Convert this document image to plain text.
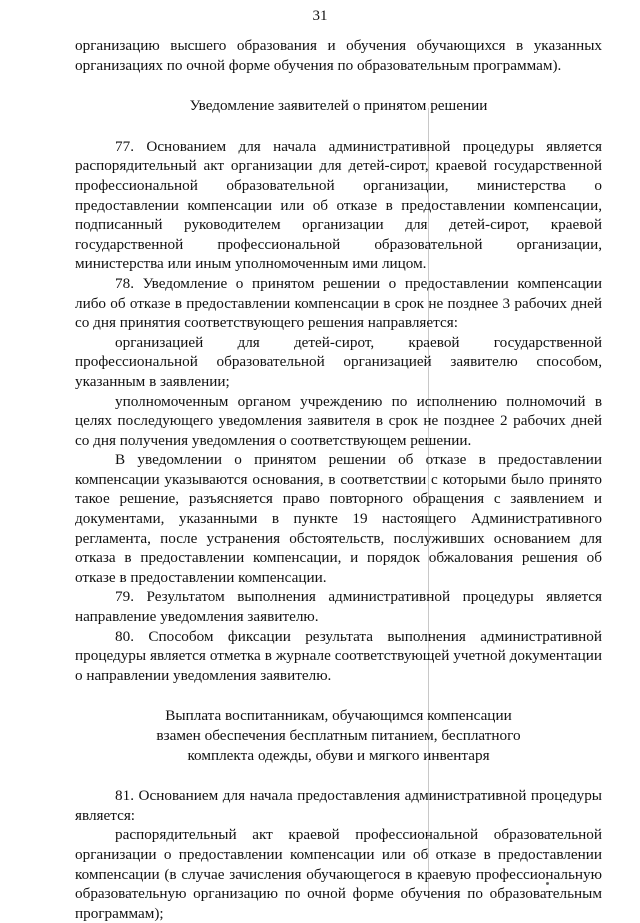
31

организацию высшего образования и обучения обучающихся в указанных организациях по очной форме обучения по образовательным программам).

Уведомление заявителей о принятом решении

77. Основанием для начала административной процедуры является распорядительный акт организации для детей-сирот, краевой государственной профессиональной образовательной организации, министерства о предоставлении компенсации или об отказе в предоставлении компенсации, подписанный руководителем организации для детей-сирот, краевой государственной профессиональной образовательной организации, министерства или иным уполномоченным ими лицом.

78. Уведомление о принятом решении о предоставлении компенсации либо об отказе в предоставлении компенсации в срок не позднее 3 рабочих дней со дня принятия соответствующего решения направляется:

организацией для детей-сирот, краевой государственной профессиональной образовательной организацией заявителю способом, указанным в заявлении;

уполномоченным органом учреждению по исполнению полномочий в целях последующего уведомления заявителя в срок не позднее 2 рабочих дней со дня получения уведомления о соответствующем решении.

В уведомлении о принятом решении об отказе в предоставлении компенсации указываются основания, в соответствии с которыми было принято такое решение, разъясняется право повторного обращения с заявлением и документами, указанными в пункте 19 настоящего Административного регламента, после устранения обстоятельств, послуживших основанием для отказа в предоставлении компенсации, и порядок обжалования решения об отказе в предоставлении компенсации.

79. Результатом выполнения административной процедуры является направление уведомления заявителю.

80. Способом фиксации результата выполнения административной процедуры является отметка в журнале соответствующей учетной документации о направлении уведомления заявителю.

Выплата воспитанникам, обучающимся компенсации

взамен обеспечения бесплатным питанием, бесплатного

комплекта одежды, обуви и мягкого инвентаря

81. Основанием для начала предоставления административной процедуры является:

распорядительный акт краевой профессиональной образовательной организации о предоставлении компенсации или об отказе в предоставлении компенсации (в случае зачисления обучающегося в краевую профессиональную образовательную организацию по очной форме обучения по образовательным программам);
